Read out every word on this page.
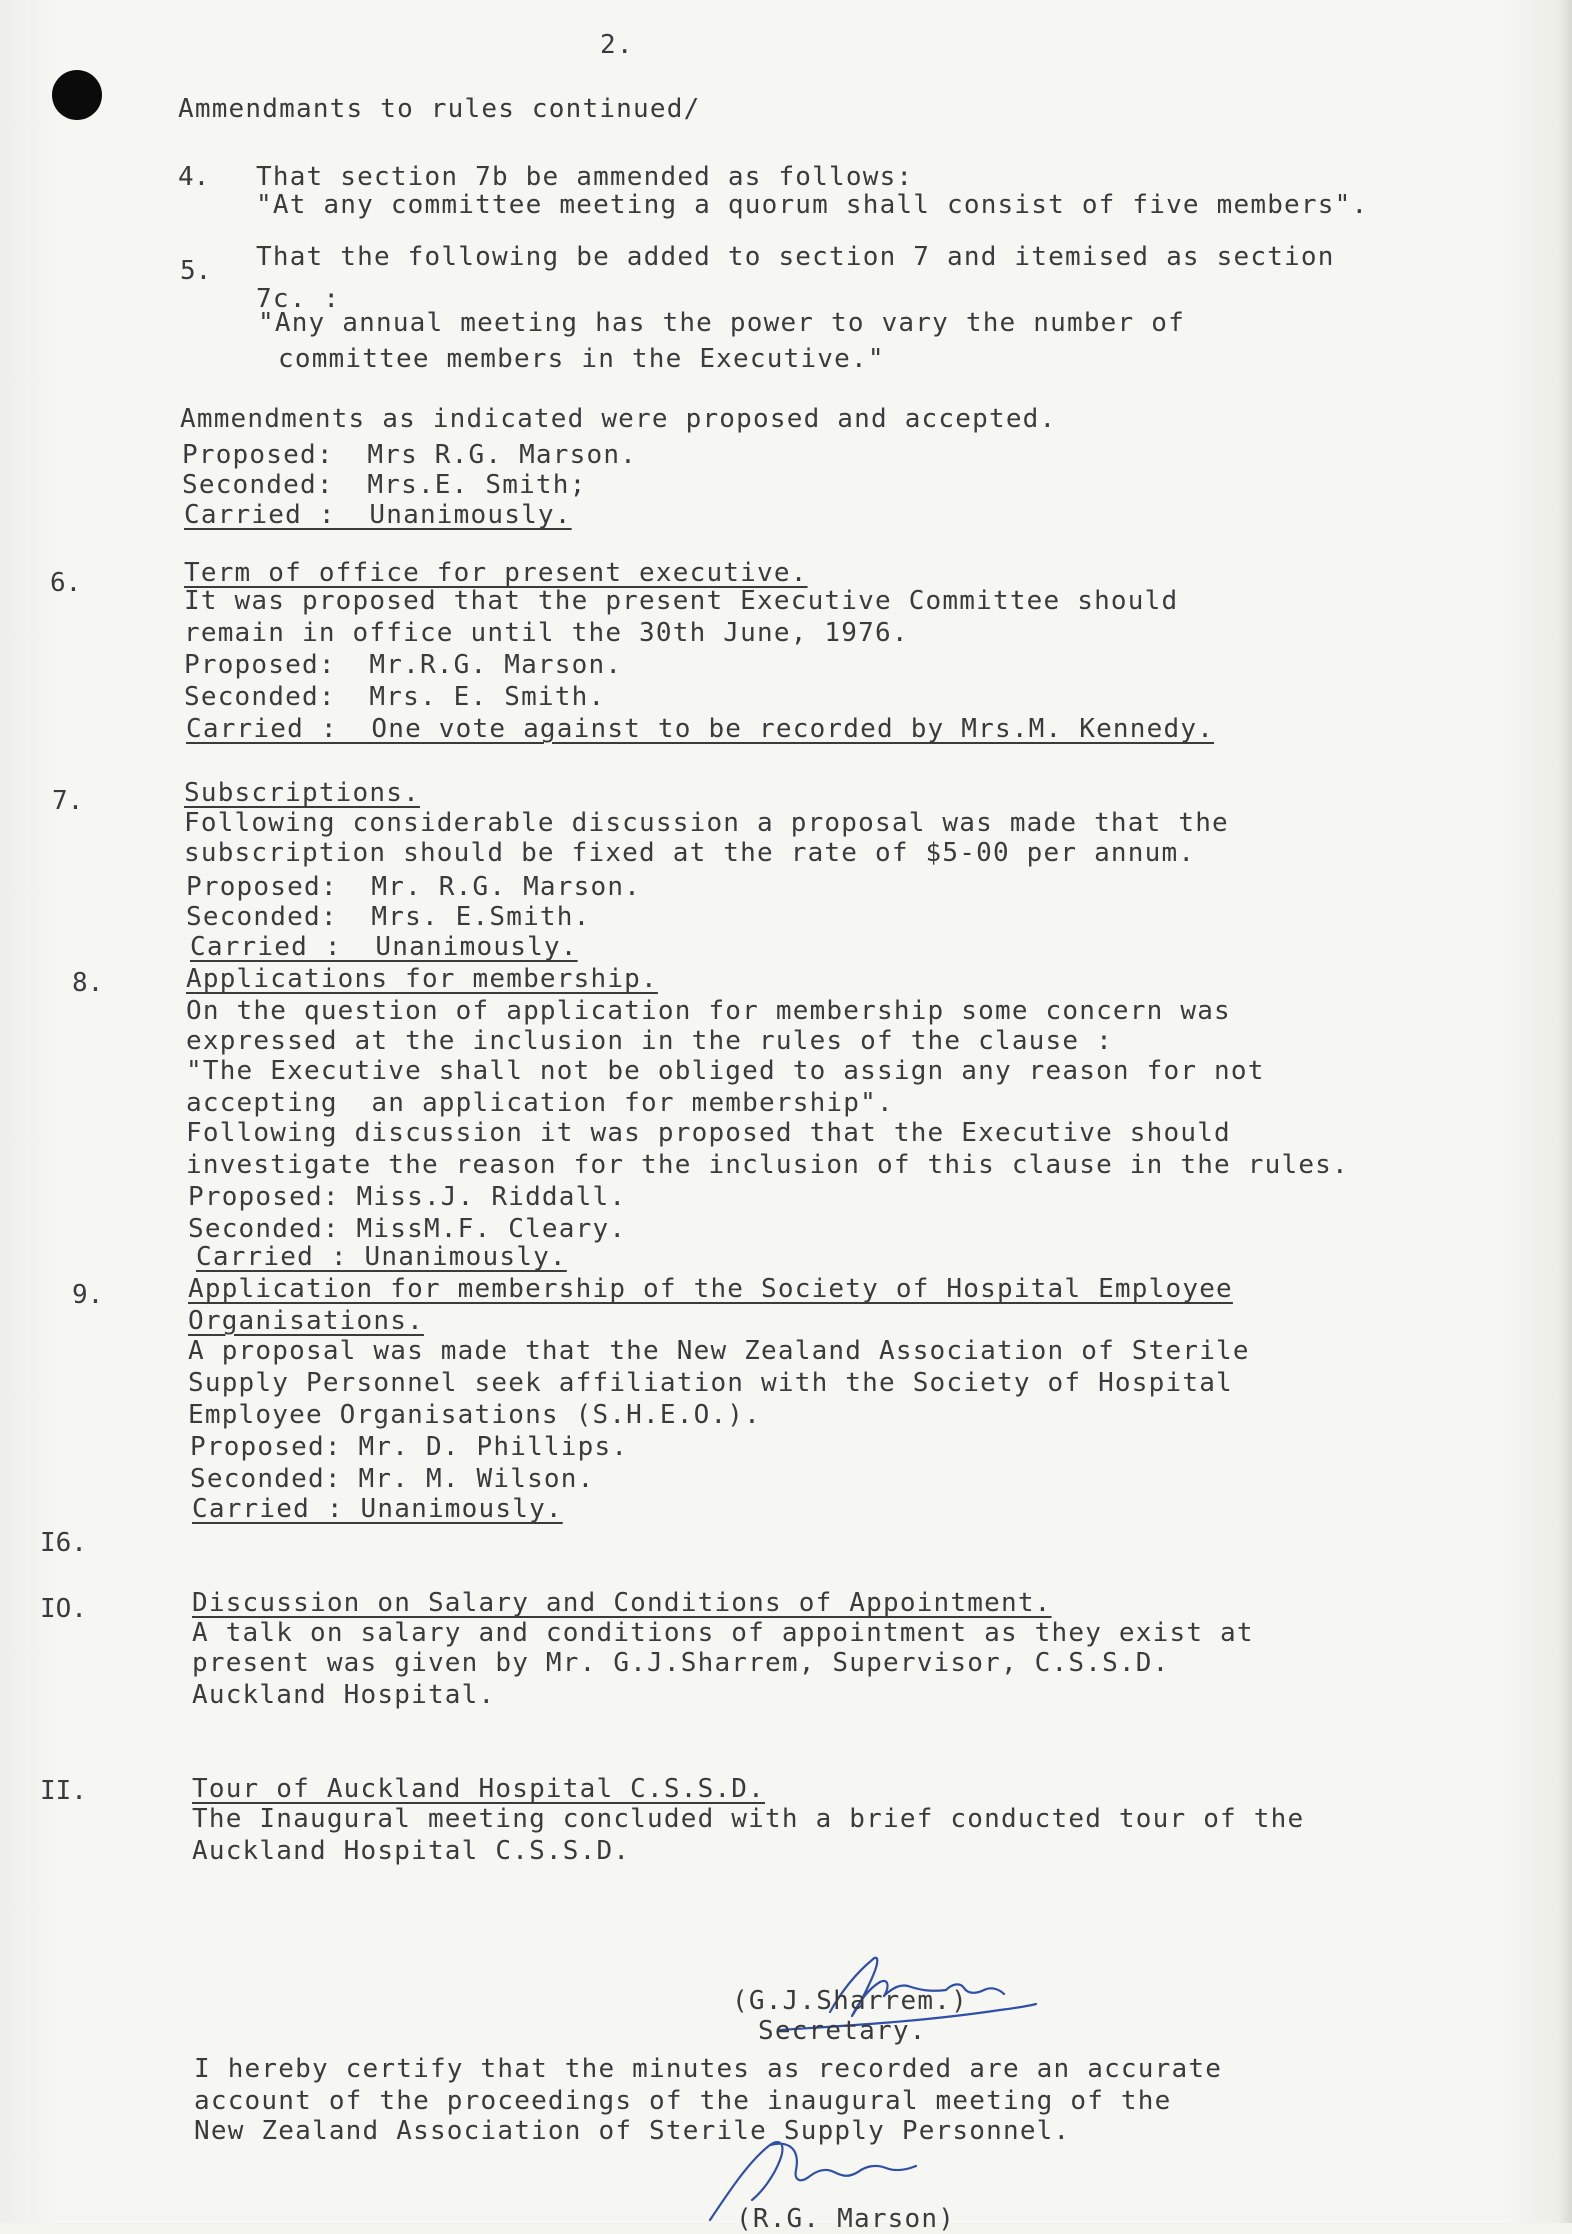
2.
Ammendmants to rules continued/
4. That section 7b be ammended as follows:
"At any committee meeting a quorum shall consist of five members".
5. That the following be added to section 7 and itemised as section
7c. :
"Any annual meeting has the power to vary the number of
committee members in the Executive."
Ammendments as indicated were proposed and accepted.
Proposed:  Mrs R.G. Marson.
Seconded:  Mrs.E. Smith;
Carried :  Unanimously.
6.	Term of office for present executive.
It was proposed that the present Executive Committee should
remain in office until the 30th June, 1976.
Proposed:  Mr.R.G. Marson.
Seconded:  Mrs. E. Smith.
Carried :  One vote against to be recorded by Mrs.M. Kennedy.
7.	Subscriptions.
Following considerable discussion a proposal was made that the
subscription should be fixed at the rate of $5-00 per annum.
Proposed:  Mr. R.G. Marson.
Seconded:  Mrs. E.Smith.
Carried :  Unanimously.
8.	Applications for membership.
On the question of application for membership some concern was
expressed at the inclusion in the rules of the clause :
"The Executive shall not be obliged to assign any reason for not
accepting  an application for membership".
Following discussion it was proposed that the Executive should
investigate the reason for the inclusion of this clause in the rules.
Proposed: Miss.J. Riddall.
Seconded: MissM.F. Cleary.
Carried : Unanimously.
9.	Application for membership of the Society of Hospital Employee
Organisations.
A proposal was made that the New Zealand Association of Sterile
Supply Personnel seek affiliation with the Society of Hospital
Employee Organisations (S.H.E.O.).
Proposed: Mr. D. Phillips.
Seconded: Mr. M. Wilson.
Carried : Unanimously.
I6.
IO.	Discussion on Salary and Conditions of Appointment.
A talk on salary and conditions of appointment as they exist at
present was given by Mr. G.J.Sharrem, Supervisor, C.S.S.D.
Auckland Hospital.
II.	Tour of Auckland Hospital C.S.S.D.
The Inaugural meeting concluded with a brief conducted tour of the
Auckland Hospital C.S.S.D.
(G.J.Sharrem.)
Secretary.
I hereby certify that the minutes as recorded are an accurate
account of the proceedings of the inaugural meeting of the
New Zealand Association of Sterile Supply Personnel.
(R.G. Marson)
